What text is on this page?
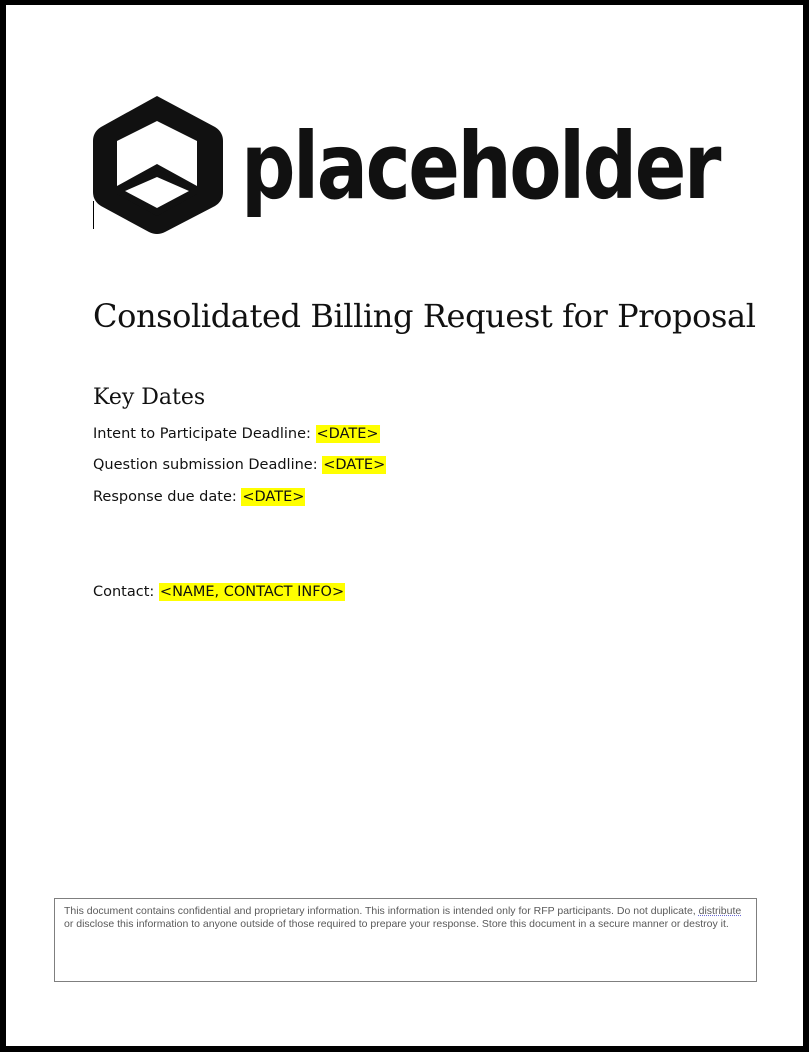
placeholder
Consolidated Billing Request for Proposal
Key Dates
Intent to Participate Deadline: <DATE>
Question submission Deadline: <DATE>
Response due date: <DATE>
Contact: <NAME, CONTACT INFO>
This document contains confidential and proprietary information. This information is intended only for RFP participants. Do not duplicate, distribute or disclose this information to anyone outside of those required to prepare your response. Store this document in a secure manner or destroy it.
